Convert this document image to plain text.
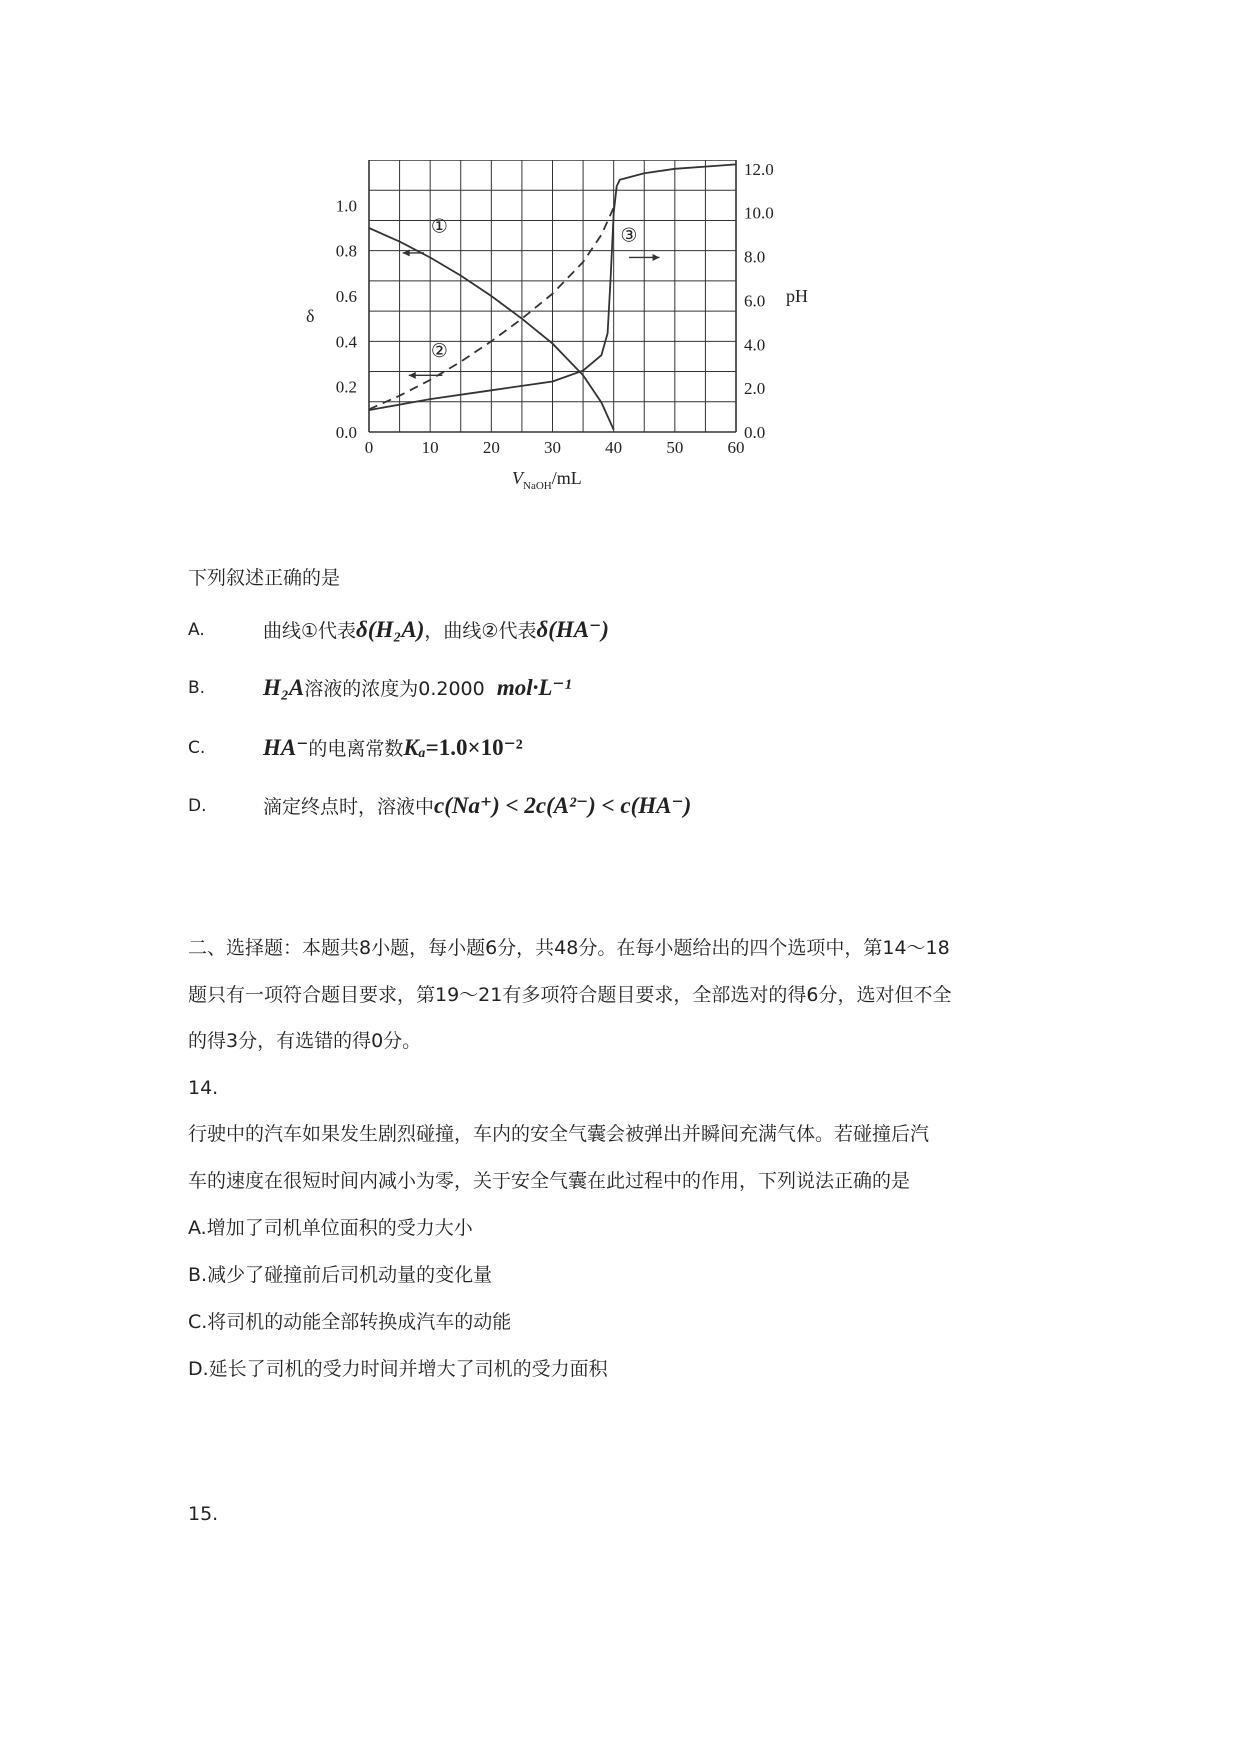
①
②
③
0	10	20	30	40	50	60
0.0
0.2
0.4
0.6
0.8
1.0
0.0
2.0
4.0
6.0
8.0
10.0
12.0
δ
pH
$V_{NaOH}/mL$
下列叙述正确的是
A.	曲线①代表δ(H₂A)，曲线②代表δ(HA⁻)
B.	H₂A溶液的浓度为0.2000 mol·L⁻¹
C.	HA⁻的电离常数Kₐ=1.0×10⁻²
D.	滴定终点时，溶液中c(Na⁺) < 2c(A²⁻) < c(HA⁻)
二、选择题：本题共8小题，每小题6分，共48分。在每小题给出的四个选项中，第14～18
题只有一项符合题目要求，第19～21有多项符合题目要求，全部选对的得6分，选对但不全
的得3分，有选错的得0分。
14.
行驶中的汽车如果发生剧烈碰撞，车内的安全气囊会被弹出并瞬间充满气体。若碰撞后汽
车的速度在很短时间内减小为零，关于安全气囊在此过程中的作用，下列说法正确的是
A.增加了司机单位面积的受力大小
B.减少了碰撞前后司机动量的变化量
C.将司机的动能全部转换成汽车的动能
D.延长了司机的受力时间并增大了司机的受力面积
15.
